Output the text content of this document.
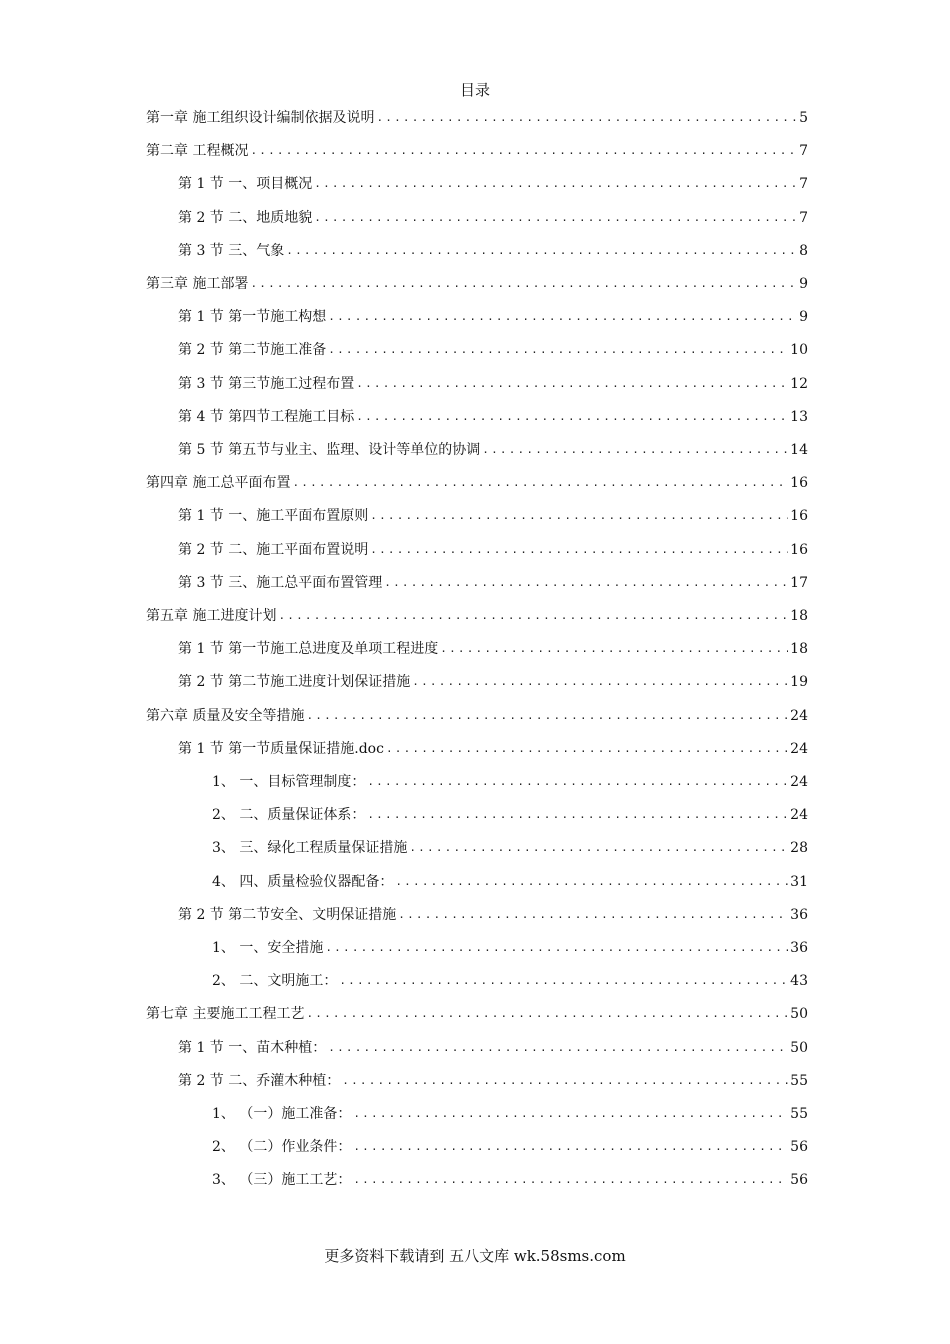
目录
第一章 施工组织设计编制依据及说明 .....	5
第二章 工程概况 .....	7
第 1 节 一、项目概况 .....	7
第 2 节 二、地质地貌 .....	7
第 3 节 三、气象 .....	8
第三章 施工部署 .....	9
第 1 节 第一节施工构想 .....	9
第 2 节 第二节施工准备 .....	10
第 3 节 第三节施工过程布置 .....	12
第 4 节 第四节工程施工目标 .....	13
第 5 节 第五节与业主、监理、设计等单位的协调 .....	14
第四章 施工总平面布置 .....	16
第 1 节 一、施工平面布置原则 .....	16
第 2 节 二、施工平面布置说明 .....	16
第 3 节 三、施工总平面布置管理 .....	17
第五章 施工进度计划 .....	18
第 1 节 第一节施工总进度及单项工程进度 .....	18
第 2 节 第二节施工进度计划保证措施 .....	19
第六章 质量及安全等措施 .....	24
第 1 节 第一节质量保证措施.doc .....	24
1、 一、目标管理制度： .....	24
2、 二、质量保证体系： .....	24
3、 三、绿化工程质量保证措施 .....	28
4、 四、质量检验仪器配备： .....	31
第 2 节 第二节安全、文明保证措施 .....	36
1、 一、安全措施 .....	36
2、 二、文明施工： .....	43
第七章 主要施工工程工艺 .....	50
第 1 节 一、苗木种植： .....	50
第 2 节 二、乔灌木种植： .....	55
1、 （一）施工准备： .....	55
2、 （二）作业条件： .....	56
3、 （三）施工工艺： .....	56
更多资料下载请到 五八文库 wk.58sms.com
